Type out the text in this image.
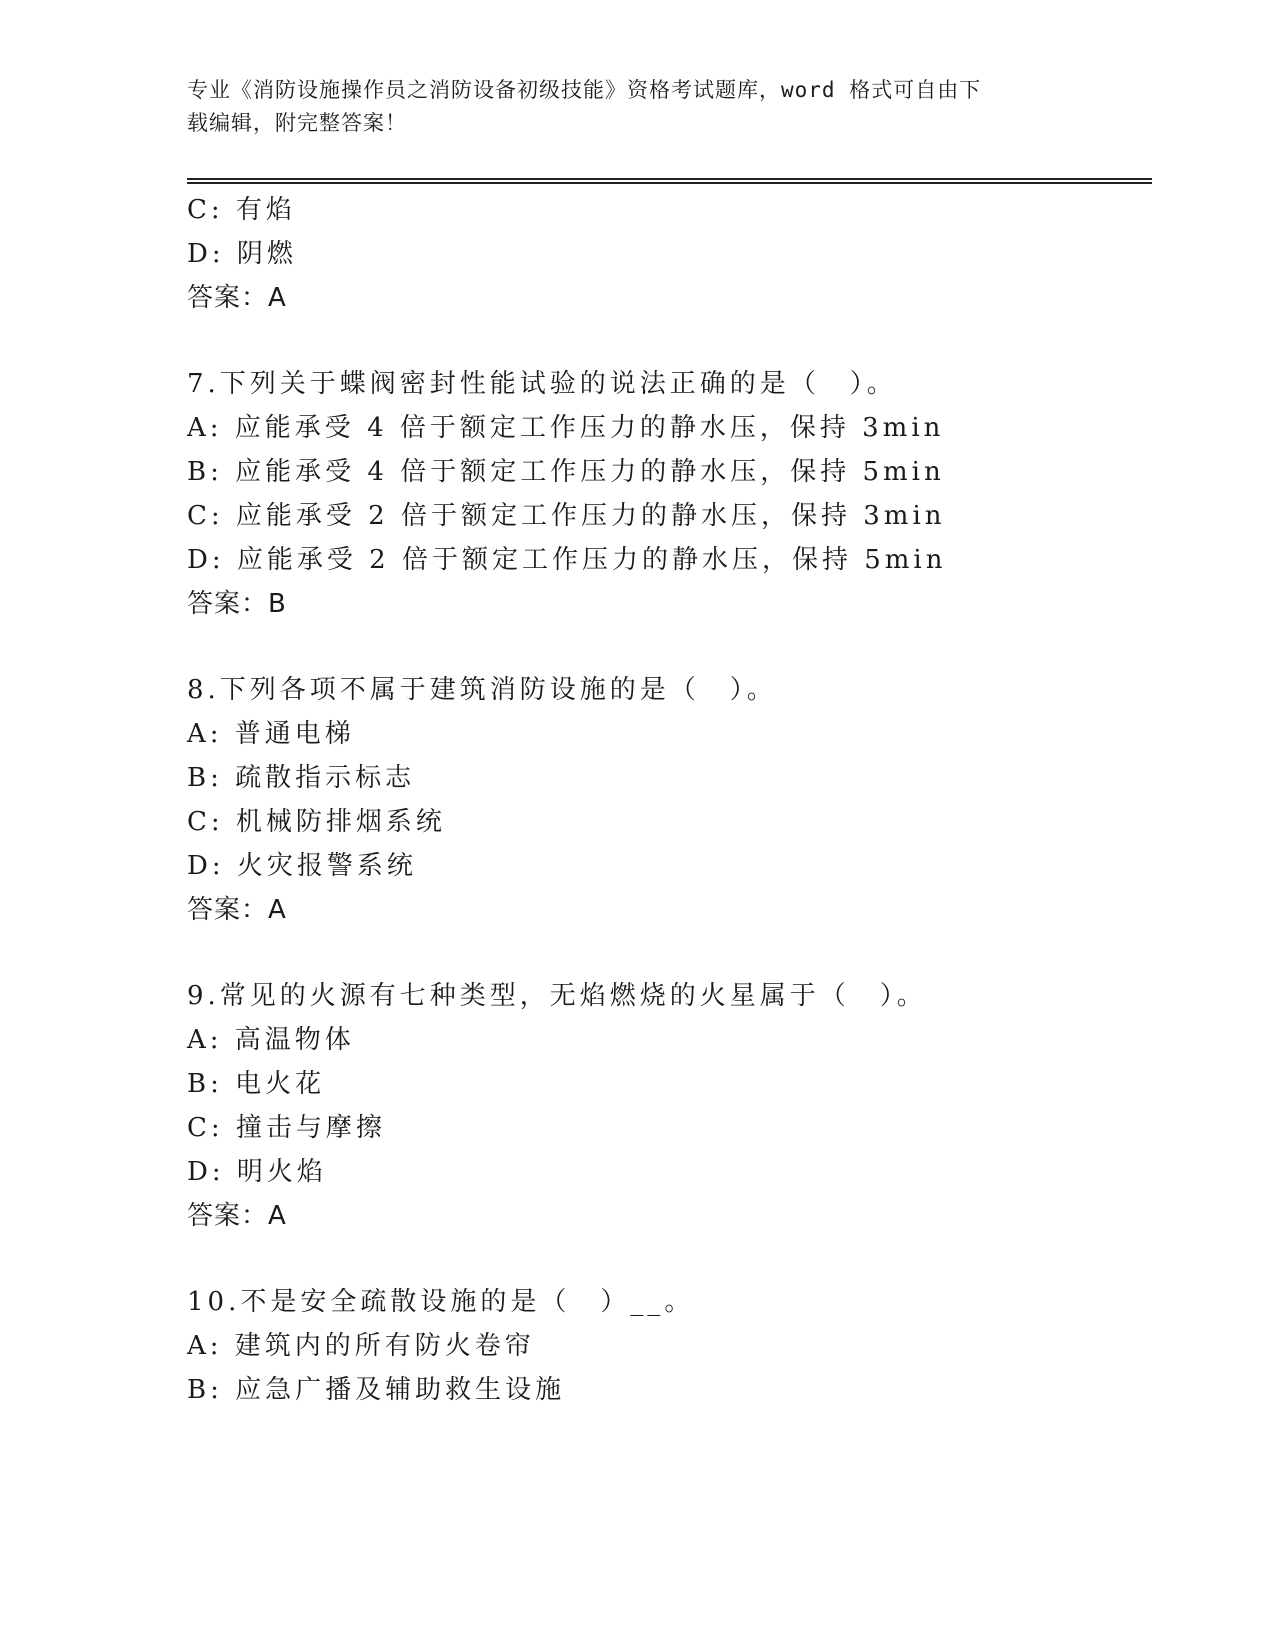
专业《消防设施操作员之消防设备初级技能》资格考试题库，word 格式可自由下
载编辑，附完整答案！
C: 有焰
D: 阴燃
答案：A
7.下列关于蝶阀密封性能试验的说法正确的是（　）。
A: 应能承受 4 倍于额定工作压力的静水压，保持 3min
B: 应能承受 4 倍于额定工作压力的静水压，保持 5min
C: 应能承受 2 倍于额定工作压力的静水压，保持 3min
D: 应能承受 2 倍于额定工作压力的静水压，保持 5min
答案：B
8.下列各项不属于建筑消防设施的是（　）。
A: 普通电梯
B: 疏散指示标志
C: 机械防排烟系统
D: 火灾报警系统
答案：A
9.常见的火源有七种类型，无焰燃烧的火星属于（　）。
A: 高温物体
B: 电火花
C: 撞击与摩擦
D: 明火焰
答案：A
10.不是安全疏散设施的是（　）__。
A: 建筑内的所有防火卷帘
B: 应急广播及辅助救生设施
